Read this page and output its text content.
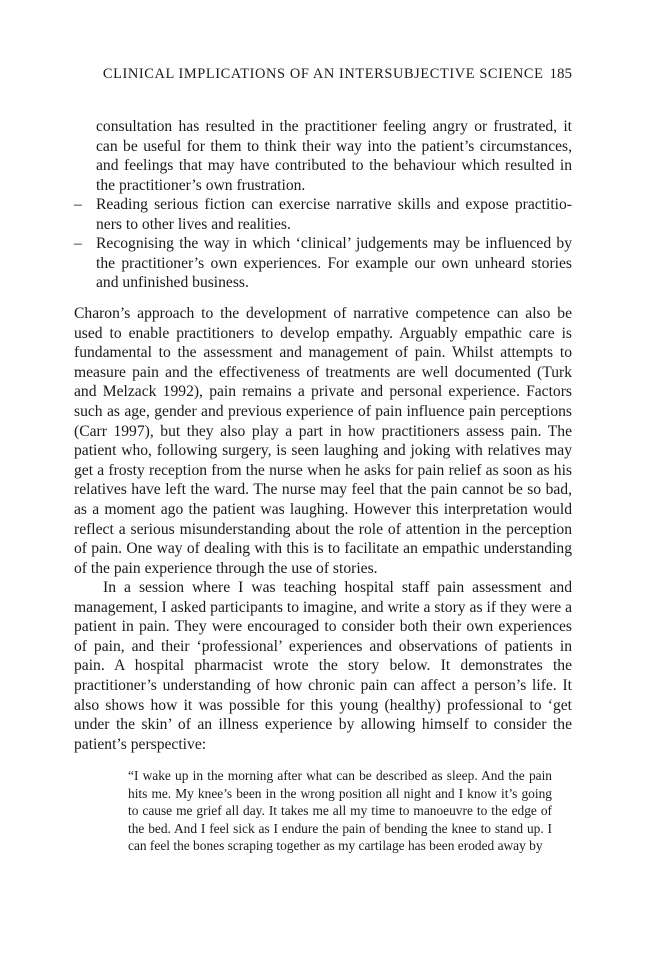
CLINICAL IMPLICATIONS OF AN INTERSUBJECTIVE SCIENCE 185

consultation has resulted in the practitioner feeling angry or frustrated, it can be useful for them to think their way into the patient’s circumstances, and feelings that may have contributed to the behaviour which resulted in the practitioner’s own frustration.

– Reading serious fiction can exercise narrative skills and expose practitioners to other lives and realities.

– Recognising the way in which ‘clinical’ judgements may be influenced by the practitioner’s own experiences. For example our own unheard stories and unfinished business.

Charon’s approach to the development of narrative competence can also be used to enable practitioners to develop empathy. Arguably empathic care is fundamental to the assessment and management of pain. Whilst attempts to measure pain and the effectiveness of treatments are well documented (Turk and Melzack 1992), pain remains a private and personal experience. Factors such as age, gender and previous experience of pain influence pain perceptions (Carr 1997), but they also play a part in how practitioners assess pain. The patient who, following surgery, is seen laughing and joking with relatives may get a frosty reception from the nurse when he asks for pain relief as soon as his relatives have left the ward. The nurse may feel that the pain cannot be so bad, as a moment ago the patient was laughing. However this interpretation would reflect a serious misunderstanding about the role of attention in the perception of pain. One way of dealing with this is to facilitate an empathic understanding of the pain experience through the use of stories.

In a session where I was teaching hospital staff pain assessment and management, I asked participants to imagine, and write a story as if they were a patient in pain. They were encouraged to consider both their own experiences of pain, and their ‘professional’ experiences and observations of patients in pain. A hospital pharmacist wrote the story below. It demonstrates the practitioner’s understanding of how chronic pain can affect a person’s life. It also shows how it was possible for this young (healthy) professional to ‘get under the skin’ of an illness experience by allowing himself to consider the patient’s perspective:

“I wake up in the morning after what can be described as sleep. And the pain hits me. My knee’s been in the wrong position all night and I know it’s going to cause me grief all day. It takes me all my time to manoeuvre to the edge of the bed. And I feel sick as I endure the pain of bending the knee to stand up. I can feel the bones scraping together as my cartilage has been eroded away by
